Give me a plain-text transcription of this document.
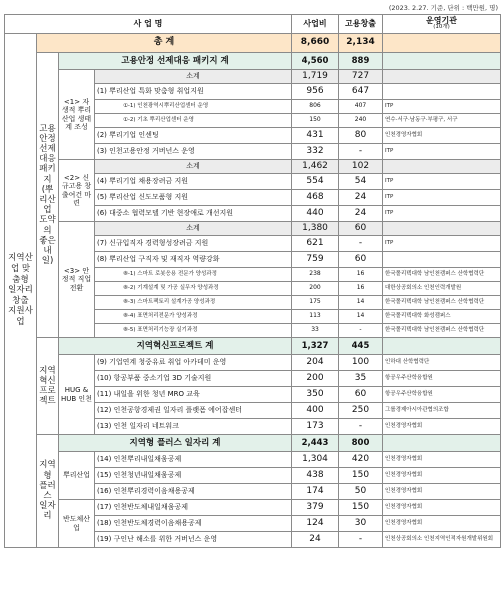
(2023. 2.27. 기준, 단위 : 백만원, 명)
사 업 명				사업비	고용창출	운영기관
(10개)

지역산업 맞춤형 일자리창출 지원사업	총 계			8,660	2,134	
	고용안정 선제대응 패키지 (뿌리산업 도약의 좋은내일)	고용안정 선제대응 패키지 계		4,560	889	
		<1> 자생적 뿌리산업 생태계 조성	소계	1,719	727	
			(1) 뿌리산업 특화 맞춤형 취업지원	956	647	
			①-1) 인천광역시뿌리산업센터 운영	806	407	ITP
			①-2) 기초 뿌리산업센터 운영	150	240	연수·서구·남동구·부평구, 서구
			(2) 뿌리기업 인센팅	431	80	인천경영자협회
			(3) 인천고용안정 거버넌스 운영	332	-	ITP
		<2> 신규고용 창출여건 마련	소계	1,462	102	
			(4) 뿌리기업 채용장려금 지원	554	54	ITP
			(5) 뿌리산업 신도모품형 지원	468	24	ITP
			(6) 대중소 협력모델 기반 현장애로 개선지원	440	24	ITP
		<3> 안정적 직업전환	소계	1,380	60	
			(7) 신규입직자 경력형성장려금 지원	621	-	ITP
			(8) 뿌리산업 구직자 및 재직자 역량강화	759	60	
			⑧-1) 스마트 로봇응용 전문가 양성과정	238	16	한국폴리텍대학 남인천캠퍼스 산학협력단
			⑧-2) 기계설계 및 가공 실무자 양성과정	200	16	대한상공회의소 인천인력개발원
			⑧-3) 스마트팩토리 설계가공 양성과정	175	14	한국폴리텍대학 남인천캠퍼스 산학협력단
			⑧-4) 표면처리전문가 양성과정	113	14	한국폴리텍대학 화성캠퍼스
			⑧-5) 표면처리기능장 실기과정	33	-	한국폴리텍대학 남인천캠퍼스 산학협력단
	지역혁신프로젝트	지역혁신프로젝트 계		1,327	445	
		HUG & HUB 인천	(9) 기업연계 청중유료 취업 아카데미 운영	204	100	인하대 산학협력단
			(10) 항공부품 중소기업 3D 기술지원	200	35	항공우주산학융합원
			(11) 내일을 위한 청년 MRO 교육	350	60	항공우주산학융합원
			(12) 인천공항경제권 일자리 플랫폼 에어잡센터	400	250	그룹경제아시아관협의조합
			(13) 인천 일자리 네트워크	173	-	인천경영자협회
	지역형 플러스 일자리	지역형 플러스 일자리 계		2,443	800	
		뿌리산업	(14) 인천뿌리내일채움공제	1,304	420	인천경영자협회
			(15) 인천청년내일채움공제	438	150	인천경영자협회
			(16) 인천뿌리경력이음채용공제	174	50	인천경영자협회
		반도체산업	(17) 인천반도체내일채움공제	379	150	인천경영자협회
			(18) 인천반도체경력이음채용공제	124	30	인천경영자협회
			(19) 구인난 해소를 위한 거버넌스 운영	24	-	인천상공회의소 인천지역인적자원개발위원회
